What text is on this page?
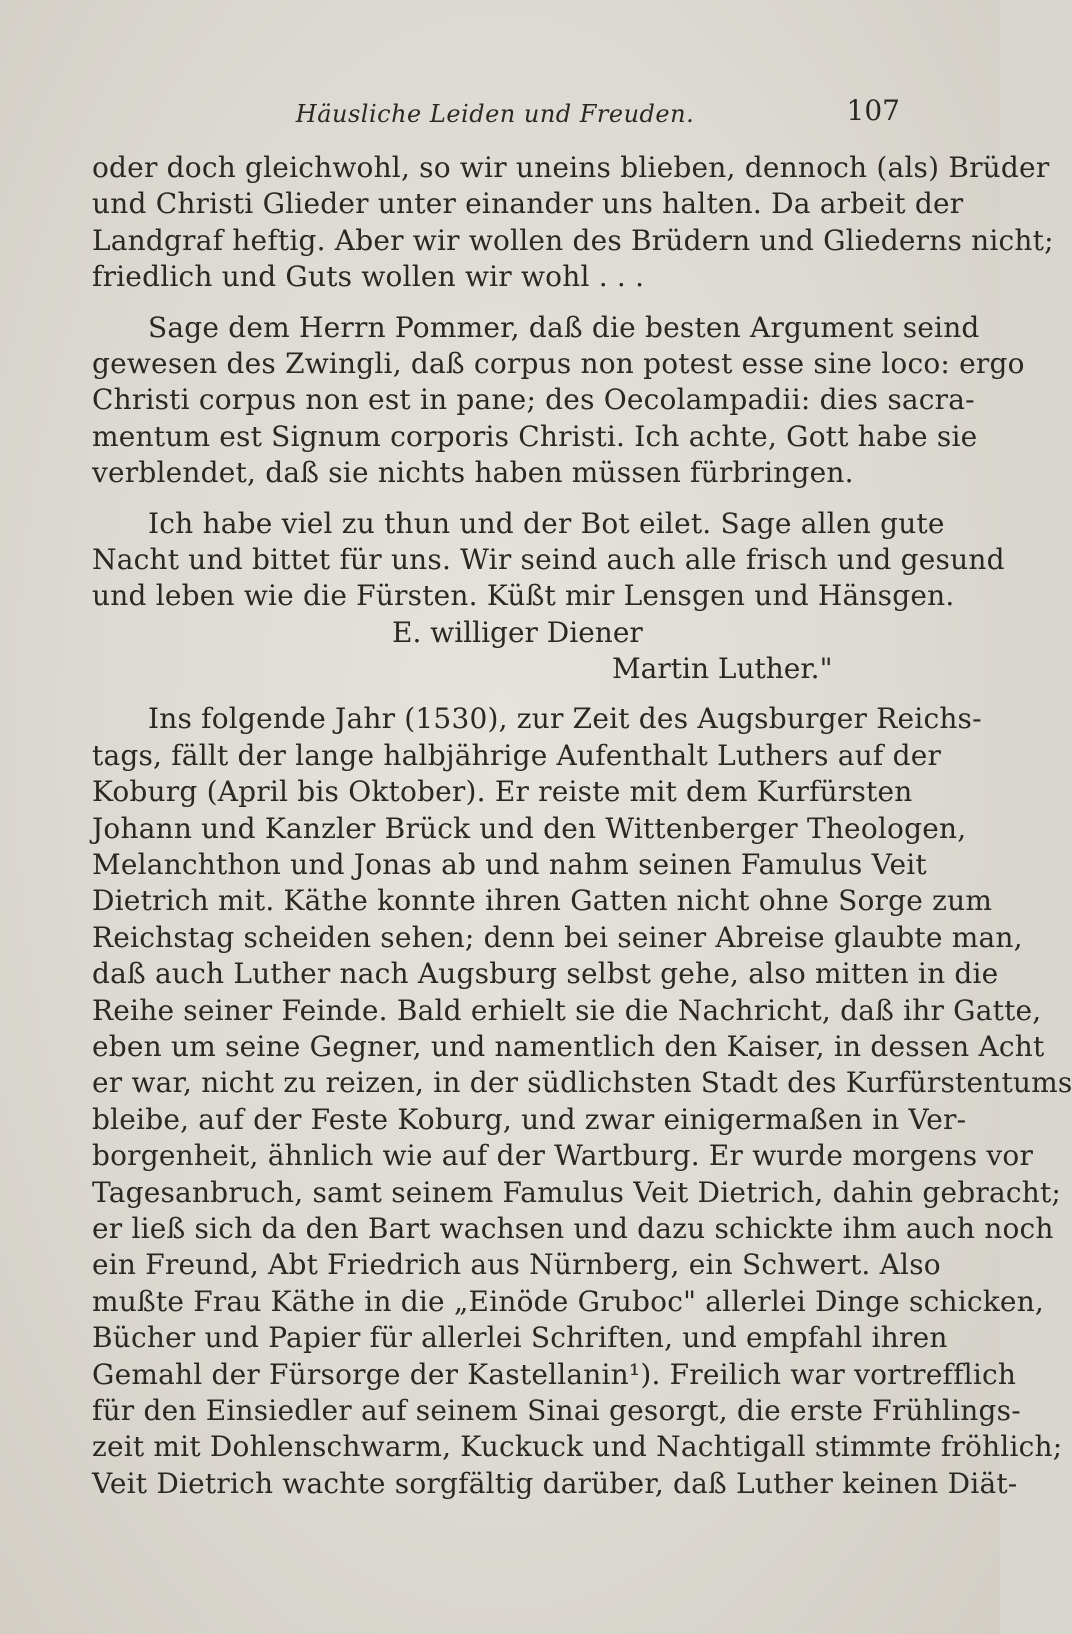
Häusliche Leiden und Freuden.	107
oder doch gleichwohl, so wir uneins blieben, dennoch (als) Brüder
und Christi Glieder unter einander uns halten. Da arbeit der
Landgraf heftig. Aber wir wollen des Brüdern und Gliederns nicht;
friedlich und Guts wollen wir wohl . . .
Sage dem Herrn Pommer, daß die besten Argument seind
gewesen des Zwingli, daß corpus non potest esse sine loco: ergo
Christi corpus non est in pane; des Oecolampadii: dies sacra-
mentum est Signum corporis Christi. Ich achte, Gott habe sie
verblendet, daß sie nichts haben müssen fürbringen.
Ich habe viel zu thun und der Bot eilet. Sage allen gute
Nacht und bittet für uns. Wir seind auch alle frisch und gesund
und leben wie die Fürsten. Küßt mir Lensgen und Hänsgen.
E. williger Diener
Martin Luther."
Ins folgende Jahr (1530), zur Zeit des Augsburger Reichs-
tags, fällt der lange halbjährige Aufenthalt Luthers auf der
Koburg (April bis Oktober). Er reiste mit dem Kurfürsten
Johann und Kanzler Brück und den Wittenberger Theologen,
Melanchthon und Jonas ab und nahm seinen Famulus Veit
Dietrich mit. Käthe konnte ihren Gatten nicht ohne Sorge zum
Reichstag scheiden sehen; denn bei seiner Abreise glaubte man,
daß auch Luther nach Augsburg selbst gehe, also mitten in die
Reihe seiner Feinde. Bald erhielt sie die Nachricht, daß ihr Gatte,
eben um seine Gegner, und namentlich den Kaiser, in dessen Acht
er war, nicht zu reizen, in der südlichsten Stadt des Kurfürstentums
bleibe, auf der Feste Koburg, und zwar einigermaßen in Ver-
borgenheit, ähnlich wie auf der Wartburg. Er wurde morgens vor
Tagesanbruch, samt seinem Famulus Veit Dietrich, dahin gebracht;
er ließ sich da den Bart wachsen und dazu schickte ihm auch noch
ein Freund, Abt Friedrich aus Nürnberg, ein Schwert. Also
mußte Frau Käthe in die „Einöde Gruboc" allerlei Dinge schicken,
Bücher und Papier für allerlei Schriften, und empfahl ihren
Gemahl der Fürsorge der Kastellanin¹). Freilich war vortrefflich
für den Einsiedler auf seinem Sinai gesorgt, die erste Frühlings-
zeit mit Dohlenschwarm, Kuckuck und Nachtigall stimmte fröhlich;
Veit Dietrich wachte sorgfältig darüber, daß Luther keinen Diät-
